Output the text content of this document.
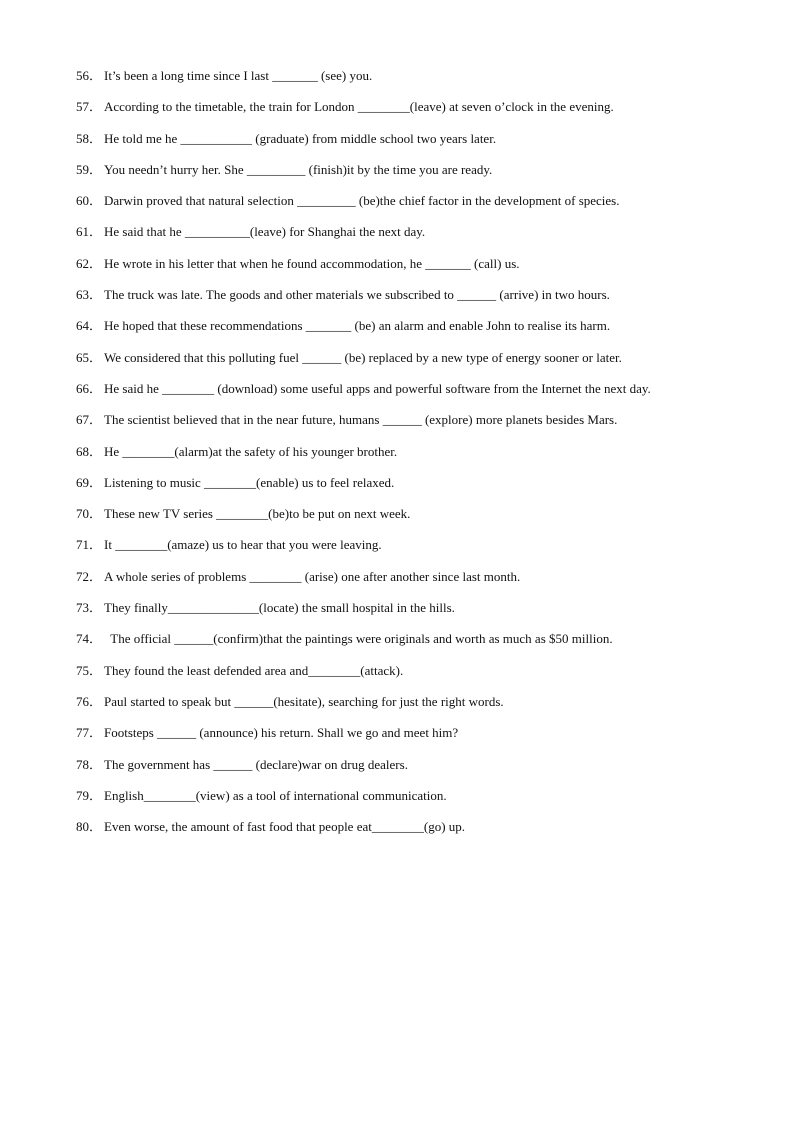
56． It’s been a long time since I last _______ (see) you.
57． According to the timetable, the train for London ________(leave) at seven o’clock in the evening.
58． He told me he ___________ (graduate) from middle school two years later.
59． You needn’t hurry her. She _________ (finish)it by the time you are ready.
60． Darwin proved that natural selection _________ (be)the chief factor in the development of species.
61． He said that he __________(leave) for Shanghai the next day.
62． He wrote in his letter that when he found accommodation, he _______ (call) us.
63． The truck was late. The goods and other materials we subscribed to ______ (arrive) in two hours.
64． He hoped that these recommendations _______ (be) an alarm and enable John to realise its harm.
65． We considered that this polluting fuel ______ (be) replaced by a new type of energy sooner or later.
66． He said he ________ (download) some useful apps and powerful software from the Internet the next day.
67． The scientist believed that in the near future, humans ______ (explore) more planets besides Mars.
68． He ________(alarm)at the safety of his younger brother.
69． Listening to music ________(enable) us to feel relaxed.
70． These new TV series ________(be)to be put on next week.
71． It ________(amaze) us to hear that you were leaving.
72． A whole series of problems ________ (arise) one after another since last month.
73． They finally______________(locate) the small hospital in the hills.
74．  The official ______(confirm)that the paintings were originals and worth as much as $50 million.
75． They found the least defended area and________(attack).
76． Paul started to speak but ______(hesitate), searching for just the right words.
77． Footsteps ______ (announce) his return. Shall we go and meet him?
78． The government has ______ (declare)war on drug dealers.
79． English________(view) as a tool of international communication.
80． Even worse, the amount of fast food that people eat________(go) up.
